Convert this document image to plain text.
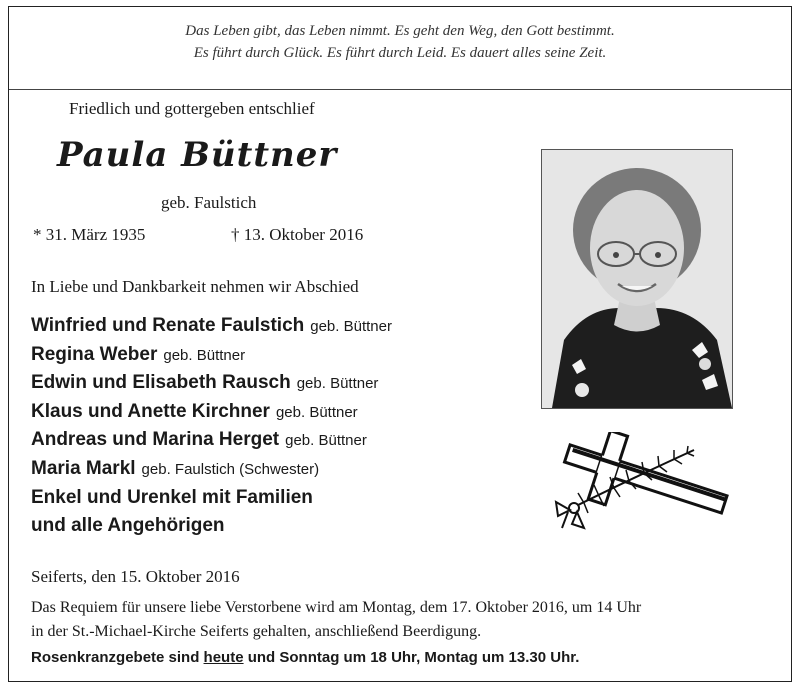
Das Leben gibt, das Leben nimmt. Es geht den Weg, den Gott bestimmt.
Es führt durch Glück. Es führt durch Leid. Es dauert alles seine Zeit.
Friedlich und gottergeben entschlief
Paula Büttner
geb. Faulstich
* 31. März 1935	† 13. Oktober 2016
In Liebe und Dankbarkeit nehmen wir Abschied
Winfried und Renate Faulstich geb. Büttner
Regina Weber geb. Büttner
Edwin und Elisabeth Rausch geb. Büttner
Klaus und Anette Kirchner geb. Büttner
Andreas und Marina Herget geb. Büttner
Maria Markl geb. Faulstich (Schwester)
Enkel und Urenkel mit Familien
und alle Angehörigen
Seiferts, den 15. Oktober 2016
Das Requiem für unsere liebe Verstorbene wird am Montag, dem 17. Oktober 2016, um 14 Uhr
in der St.-Michael-Kirche Seiferts gehalten, anschließend Beerdigung.
Rosenkranzgebete sind heute und Sonntag um 18 Uhr, Montag um 13.30 Uhr.
